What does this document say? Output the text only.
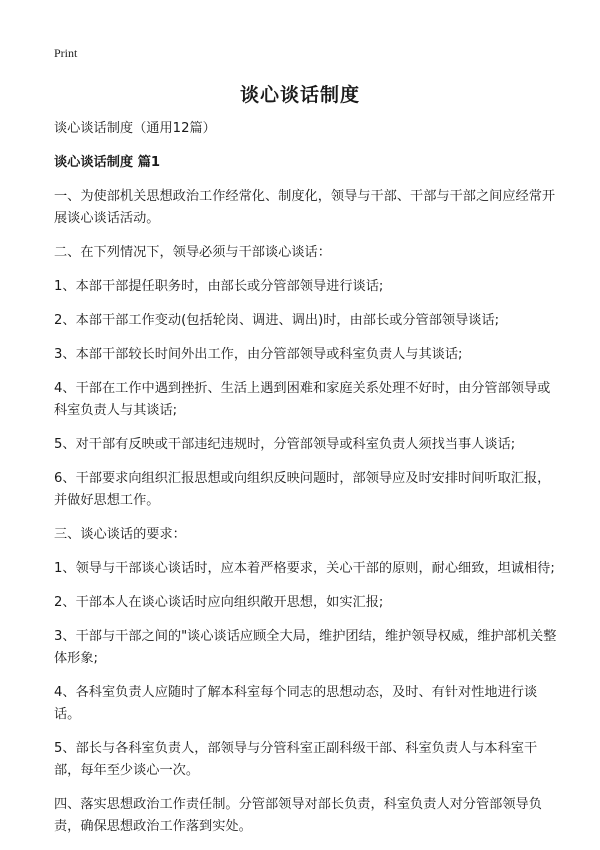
Print
谈心谈话制度

谈心谈话制度（通用12篇）

谈心谈话制度 篇1

一、为使部机关思想政治工作经常化、制度化，领导与干部、干部与干部之间应经常开展谈心谈话活动。

二、在下列情况下，领导必须与干部谈心谈话：

1、本部干部提任职务时，由部长或分管部领导进行谈话;

2、本部干部工作变动(包括轮岗、调进、调出)时，由部长或分管部领导谈话;

3、本部干部较长时间外出工作，由分管部领导或科室负责人与其谈话;

4、干部在工作中遇到挫折、生活上遇到困难和家庭关系处理不好时，由分管部领导或科室负责人与其谈话;

5、对干部有反映或干部违纪违规时，分管部领导或科室负责人须找当事人谈话;

6、干部要求向组织汇报思想或向组织反映问题时，部领导应及时安排时间听取汇报，并做好思想工作。

三、谈心谈话的要求：

1、领导与干部谈心谈话时，应本着严格要求，关心干部的原则，耐心细致，坦诚相待;

2、干部本人在谈心谈话时应向组织敞开思想，如实汇报;

3、干部与干部之间的"谈心谈话应顾全大局，维护团结，维护领导权威，维护部机关整体形象;

4、各科室负责人应随时了解本科室每个同志的思想动态，及时、有针对性地进行谈话。

5、部长与各科室负责人，部领导与分管科室正副科级干部、科室负责人与本科室干部，每年至少谈心一次。

四、落实思想政治工作责任制。分管部领导对部长负责，科室负责人对分管部领导负责，确保思想政治工作落到实处。
